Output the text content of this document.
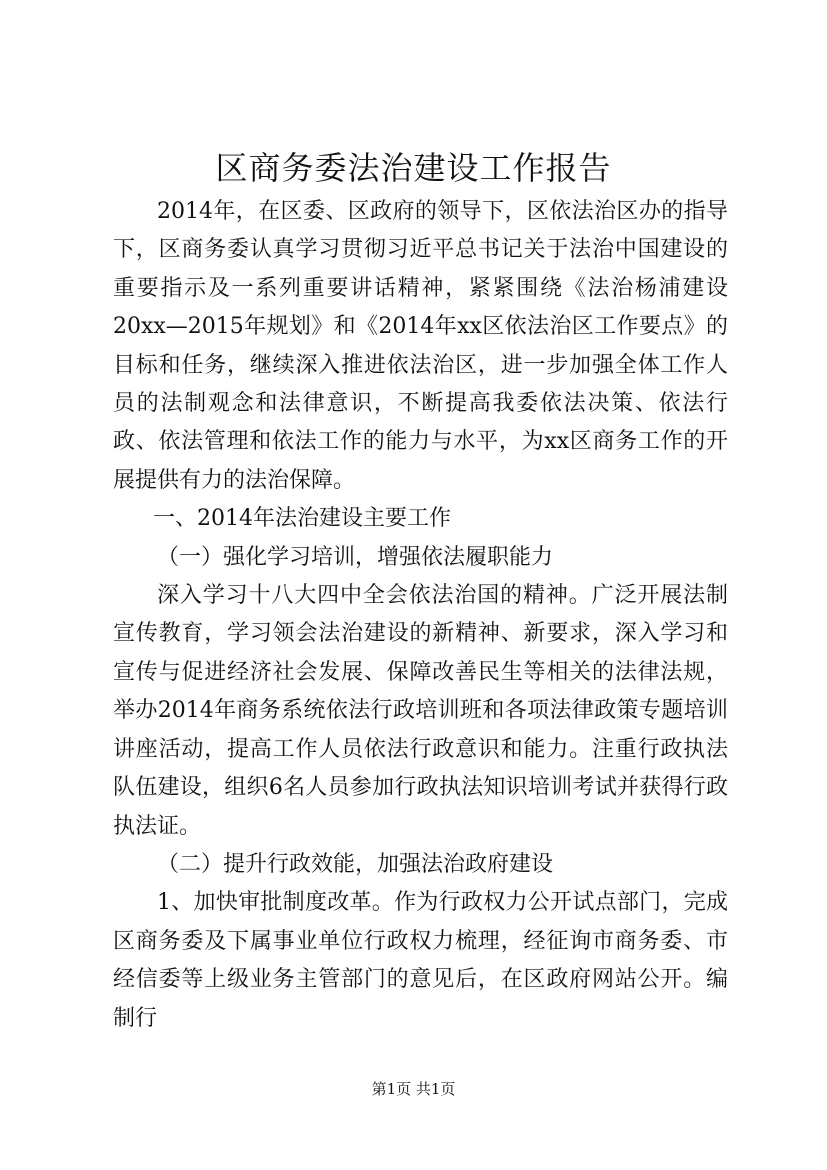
区商务委法治建设工作报告

2014年，在区委、区政府的领导下，区依法治区办的指导下，区商务委认真学习贯彻习近平总书记关于法治中国建设的重要指示及一系列重要讲话精神，紧紧围绕《法治杨浦建设20xx—2015年规划》和《2014年xx区依法治区工作要点》的目标和任务，继续深入推进依法治区，进一步加强全体工作人员的法制观念和法律意识，不断提高我委依法决策、依法行政、依法管理和依法工作的能力与水平，为xx区商务工作的开展提供有力的法治保障。

一、2014年法治建设主要工作

（一）强化学习培训，增强依法履职能力

深入学习十八大四中全会依法治国的精神。广泛开展法制宣传教育，学习领会法治建设的新精神、新要求，深入学习和宣传与促进经济社会发展、保障改善民生等相关的法律法规，举办2014年商务系统依法行政培训班和各项法律政策专题培训讲座活动，提高工作人员依法行政意识和能力。注重行政执法队伍建设，组织6名人员参加行政执法知识培训考试并获得行政执法证。

（二）提升行政效能，加强法治政府建设

1、加快审批制度改革。作为行政权力公开试点部门，完成区商务委及下属事业单位行政权力梳理，经征询市商务委、市经信委等上级业务主管部门的意见后，在区政府网站公开。编制行

第1页 共1页
